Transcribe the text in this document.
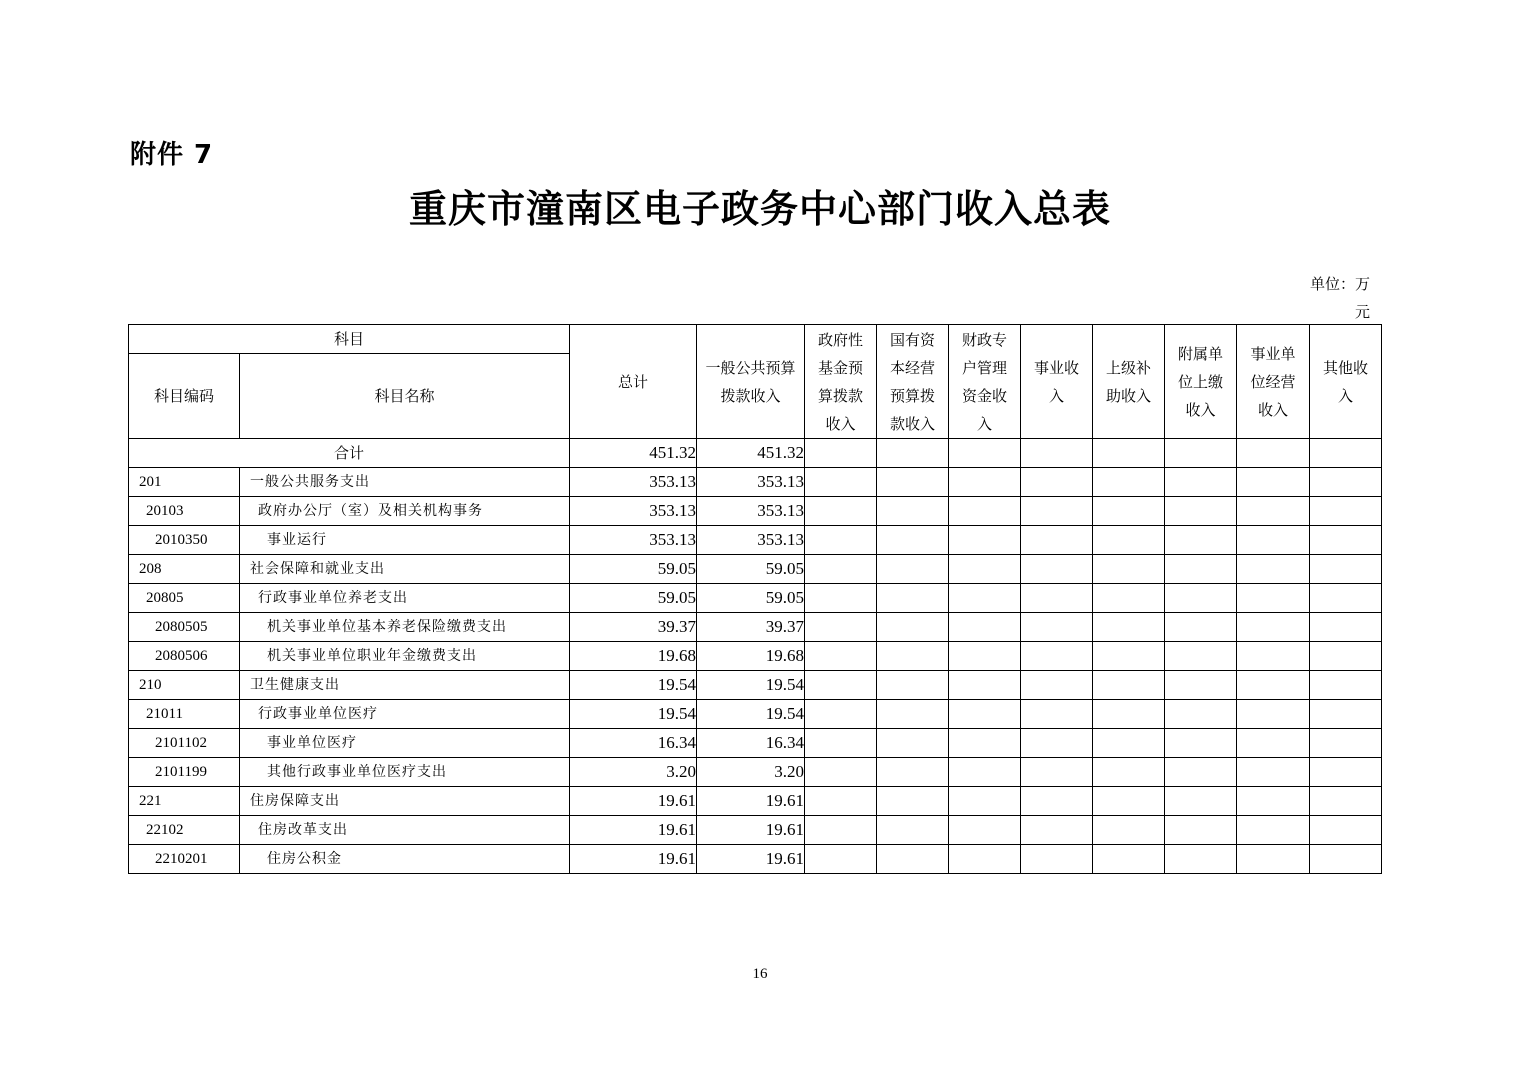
附件 7
重庆市潼南区电子政务中心部门收入总表
单位：万元
科目		总计	一般公共预算拨款收入	政府性基金预算拨款收入	国有资本经营预算拨款收入	财政专户管理资金收入	事业收入	上级补助收入	附属单位上缴收入	事业单位经营收入	其他收入
科目编码	科目名称										
合计		451.32	451.32								
201	一般公共服务支出	353.13	353.13								
20103	政府办公厅（室）及相关机构事务	353.13	353.13								
2010350	事业运行	353.13	353.13								
208	社会保障和就业支出	59.05	59.05								
20805	行政事业单位养老支出	59.05	59.05								
2080505	机关事业单位基本养老保险缴费支出	39.37	39.37								
2080506	机关事业单位职业年金缴费支出	19.68	19.68								
210	卫生健康支出	19.54	19.54								
21011	行政事业单位医疗	19.54	19.54								
2101102	事业单位医疗	16.34	16.34								
2101199	其他行政事业单位医疗支出	3.20	3.20								
221	住房保障支出	19.61	19.61								
22102	住房改革支出	19.61	19.61								
2210201	住房公积金	19.61	19.61								
16
